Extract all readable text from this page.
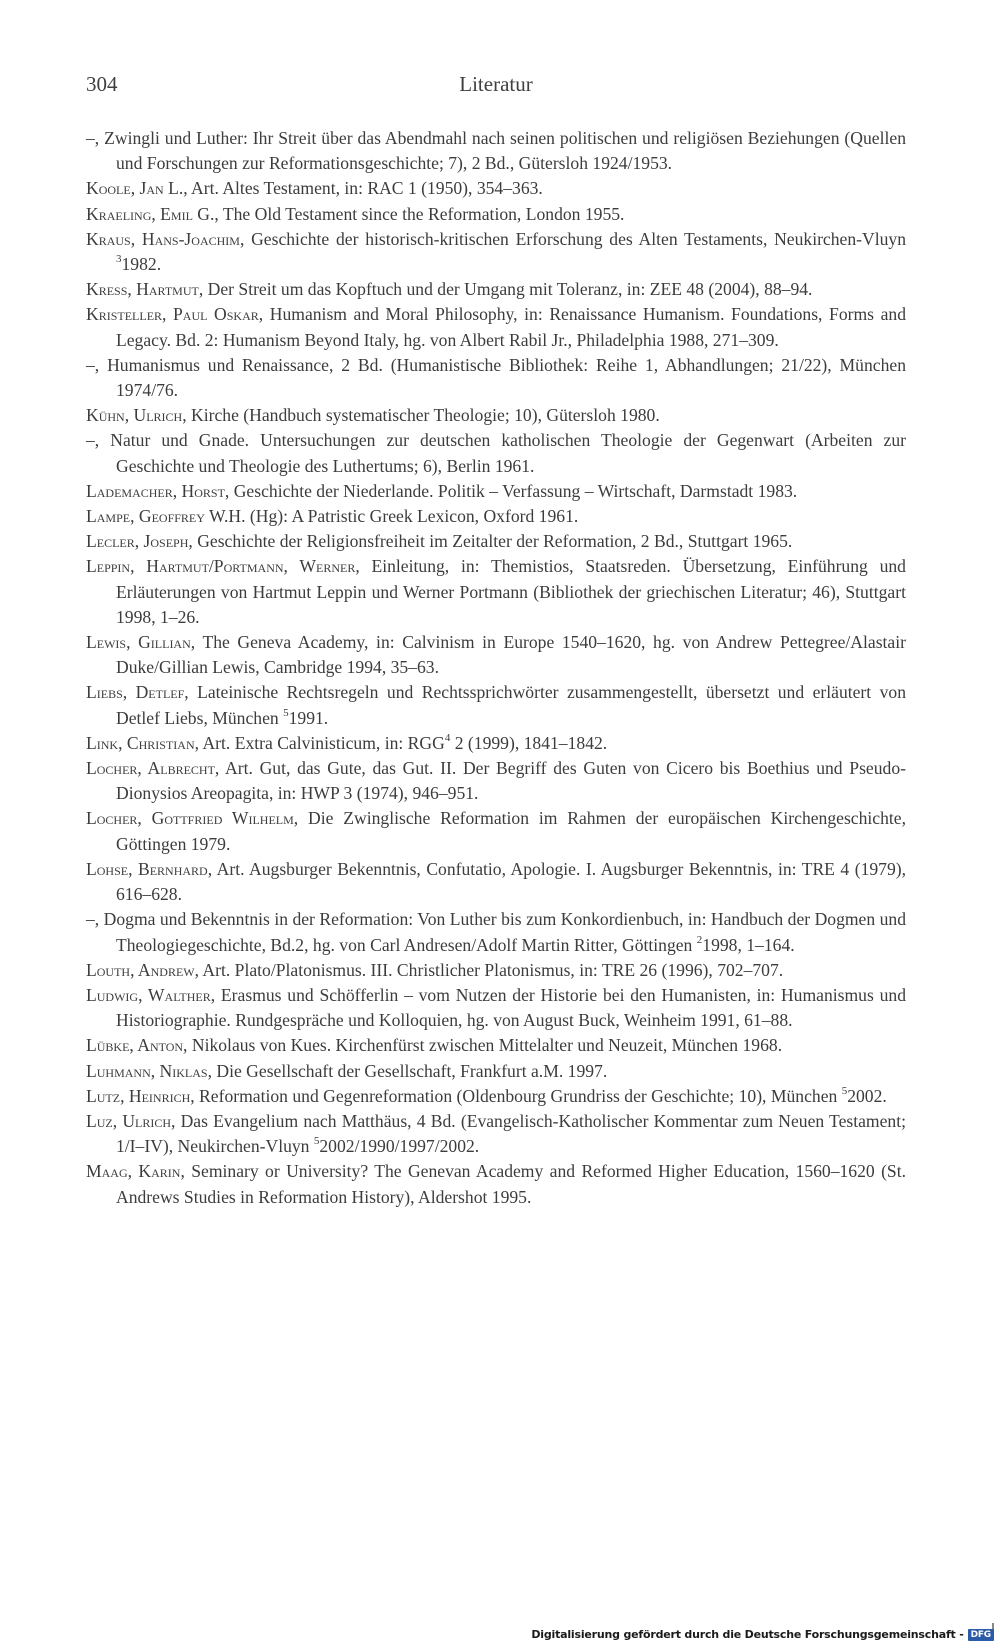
304	Literatur

–, Zwingli und Luther: Ihr Streit über das Abendmahl nach seinen politischen und religiösen Beziehungen (Quellen und Forschungen zur Reformationsgeschichte; 7), 2 Bd., Gütersloh 1924/1953.

Koole, Jan L., Art. Altes Testament, in: RAC 1 (1950), 354–363.

Kraeling, Emil G., The Old Testament since the Reformation, London 1955.

Kraus, Hans-Joachim, Geschichte der historisch-kritischen Erforschung des Alten Testaments, Neukirchen-Vluyn $^3$1982.

Kreß, Hartmut, Der Streit um das Kopftuch und der Umgang mit Toleranz, in: ZEE 48 (2004), 88–94.

Kristeller, Paul Oskar, Humanism and Moral Philosophy, in: Renaissance Humanism. Foundations, Forms and Legacy. Bd. 2: Humanism Beyond Italy, hg. von Albert Rabil Jr., Philadelphia 1988, 271–309.

–, Humanismus und Renaissance, 2 Bd. (Humanistische Bibliothek: Reihe 1, Abhandlungen; 21/22), München 1974/76.

Kühn, Ulrich, Kirche (Handbuch systematischer Theologie; 10), Gütersloh 1980.

–, Natur und Gnade. Untersuchungen zur deutschen katholischen Theologie der Gegenwart (Arbeiten zur Geschichte und Theologie des Luthertums; 6), Berlin 1961.

Lademacher, Horst, Geschichte der Niederlande. Politik – Verfassung – Wirtschaft, Darmstadt 1983.

Lampe, Geoffrey W.H. (Hg): A Patristic Greek Lexicon, Oxford 1961.

Lecler, Joseph, Geschichte der Religionsfreiheit im Zeitalter der Reformation, 2 Bd., Stuttgart 1965.

Leppin, Hartmut/Portmann, Werner, Einleitung, in: Themistios, Staatsreden. Übersetzung, Einführung und Erläuterungen von Hartmut Leppin und Werner Portmann (Bibliothek der griechischen Literatur; 46), Stuttgart 1998, 1–26.

Lewis, Gillian, The Geneva Academy, in: Calvinism in Europe 1540–1620, hg. von Andrew Pettegree/Alastair Duke/Gillian Lewis, Cambridge 1994, 35–63.

Liebs, Detlef, Lateinische Rechtsregeln und Rechtssprichwörter zusammengestellt, übersetzt und erläutert von Detlef Liebs, München $^5$1991.

Link, Christian, Art. Extra Calvinisticum, in: RGG$^4$ 2 (1999), 1841–1842.

Locher, Albrecht, Art. Gut, das Gute, das Gut. II. Der Begriff des Guten von Cicero bis Boethius und Pseudo-Dionysios Areopagita, in: HWP 3 (1974), 946–951.

Locher, Gottfried Wilhelm, Die Zwinglische Reformation im Rahmen der europäischen Kirchengeschichte, Göttingen 1979.

Lohse, Bernhard, Art. Augsburger Bekenntnis, Confutatio, Apologie. I. Augsburger Bekenntnis, in: TRE 4 (1979), 616–628.

–, Dogma und Bekenntnis in der Reformation: Von Luther bis zum Konkordienbuch, in: Handbuch der Dogmen und Theologiegeschichte, Bd.2, hg. von Carl Andresen/Adolf Martin Ritter, Göttingen $^2$1998, 1–164.

Louth, Andrew, Art. Plato/Platonismus. III. Christlicher Platonismus, in: TRE 26 (1996), 702–707.

Ludwig, Walther, Erasmus und Schöfferlin – vom Nutzen der Historie bei den Humanisten, in: Humanismus und Historiographie. Rundgespräche und Kolloquien, hg. von August Buck, Weinheim 1991, 61–88.

Lübke, Anton, Nikolaus von Kues. Kirchenfürst zwischen Mittelalter und Neuzeit, München 1968.

Luhmann, Niklas, Die Gesellschaft der Gesellschaft, Frankfurt a.M. 1997.

Lutz, Heinrich, Reformation und Gegenreformation (Oldenbourg Grundriss der Geschichte; 10), München $^5$2002.

Luz, Ulrich, Das Evangelium nach Matthäus, 4 Bd. (Evangelisch-Katholischer Kommentar zum Neuen Testament; 1/I–IV), Neukirchen-Vluyn $^5$2002/1990/1997/2002.

Maag, Karin, Seminary or University? The Genevan Academy and Reformed Higher Education, 1560–1620 (St. Andrews Studies in Reformation History), Aldershot 1995.

Digitalisierung gefördert durch die Deutsche Forschungsgemeinschaft - DFG
